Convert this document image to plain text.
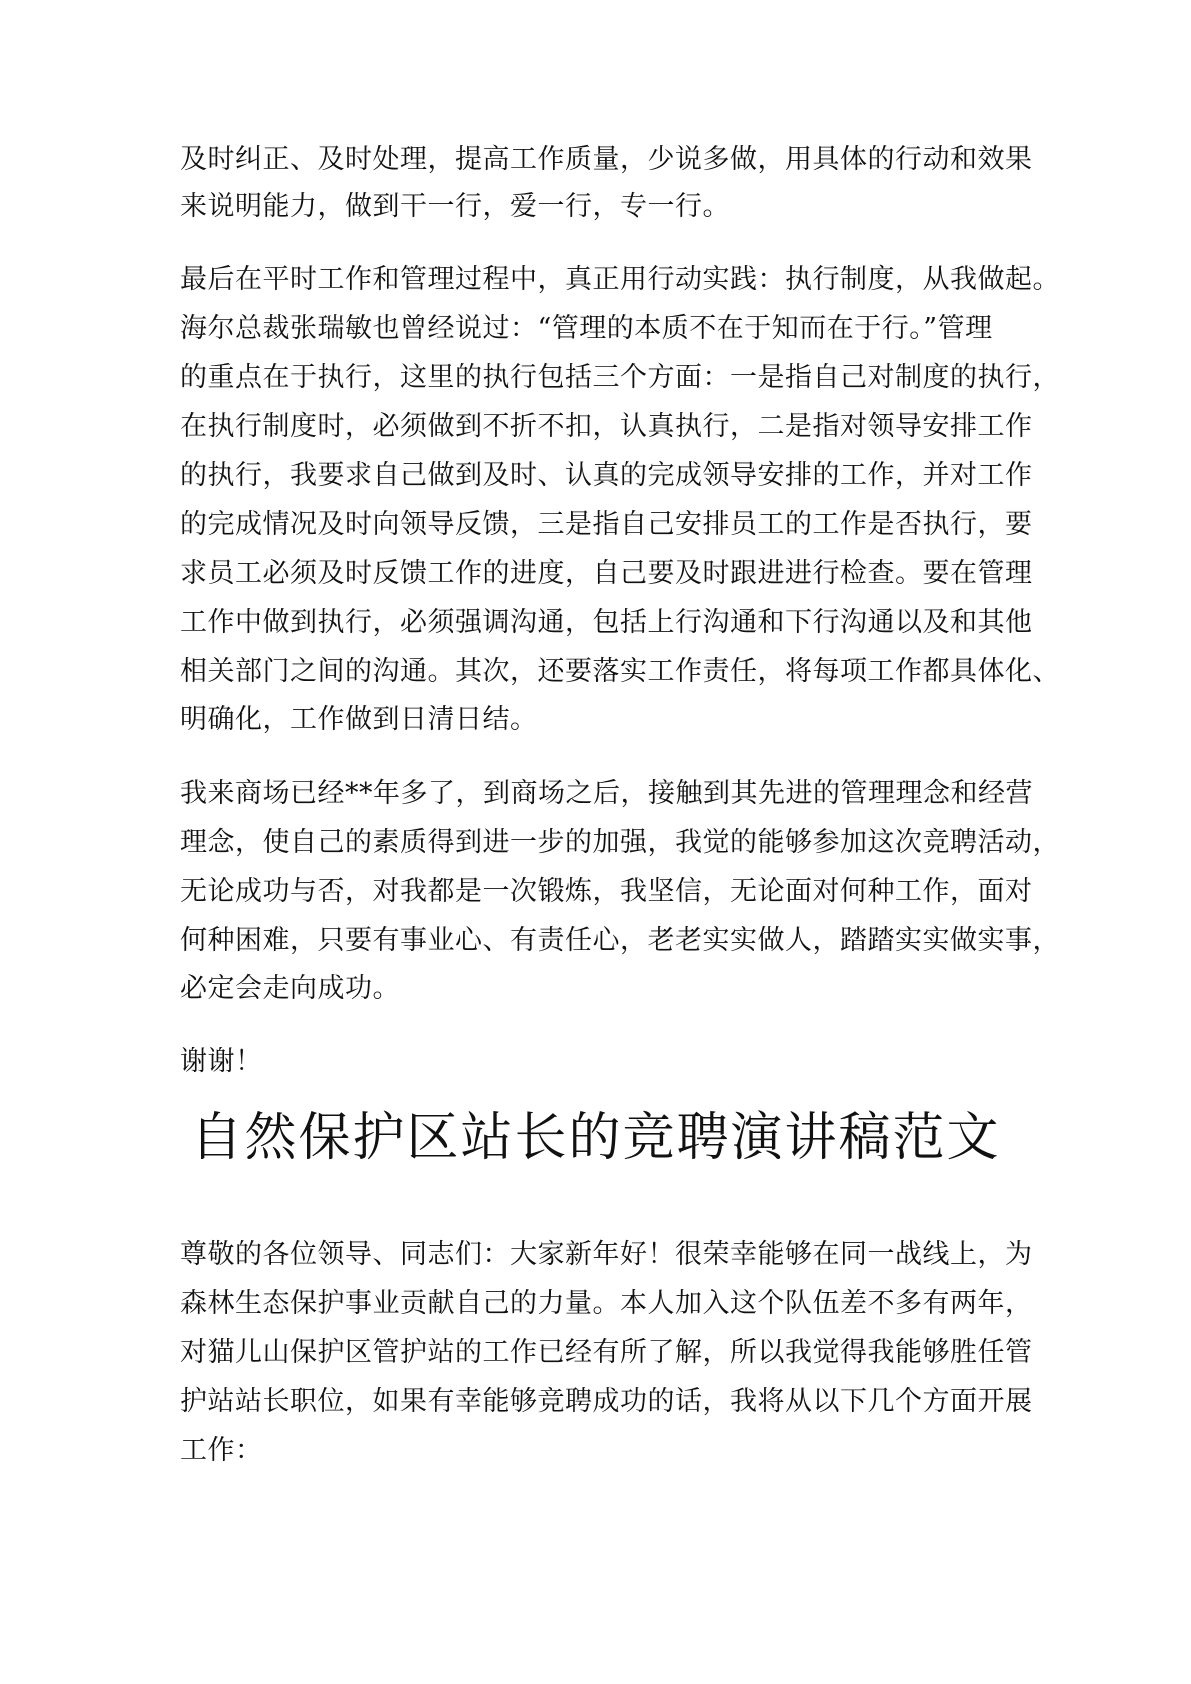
及时纠正、及时处理，提高工作质量，少说多做，用具体的行动和效果
来说明能力，做到干一行，爱一行，专一行。
最后在平时工作和管理过程中，真正用行动实践：执行制度，从我做起。
海尔总裁张瑞敏也曾经说过：“管理的本质不在于知而在于行。”管理
的重点在于执行，这里的执行包括三个方面：一是指自己对制度的执行，
在执行制度时，必须做到不折不扣，认真执行，二是指对领导安排工作
的执行，我要求自己做到及时、认真的完成领导安排的工作，并对工作
的完成情况及时向领导反馈，三是指自己安排员工的工作是否执行，要
求员工必须及时反馈工作的进度，自己要及时跟进进行检查。要在管理
工作中做到执行，必须强调沟通，包括上行沟通和下行沟通以及和其他
相关部门之间的沟通。其次，还要落实工作责任，将每项工作都具体化、
明确化，工作做到日清日结。
我来商场已经**年多了，到商场之后，接触到其先进的管理理念和经营
理念，使自己的素质得到进一步的加强，我觉的能够参加这次竞聘活动，
无论成功与否，对我都是一次锻炼，我坚信，无论面对何种工作，面对
何种困难，只要有事业心、有责任心，老老实实做人，踏踏实实做实事，
必定会走向成功。
谢谢！
自然保护区站长的竞聘演讲稿范文
尊敬的各位领导、同志们：大家新年好！很荣幸能够在同一战线上，为
森林生态保护事业贡献自己的力量。本人加入这个队伍差不多有两年，
对猫儿山保护区管护站的工作已经有所了解，所以我觉得我能够胜任管
护站站长职位，如果有幸能够竞聘成功的话，我将从以下几个方面开展
工作：
